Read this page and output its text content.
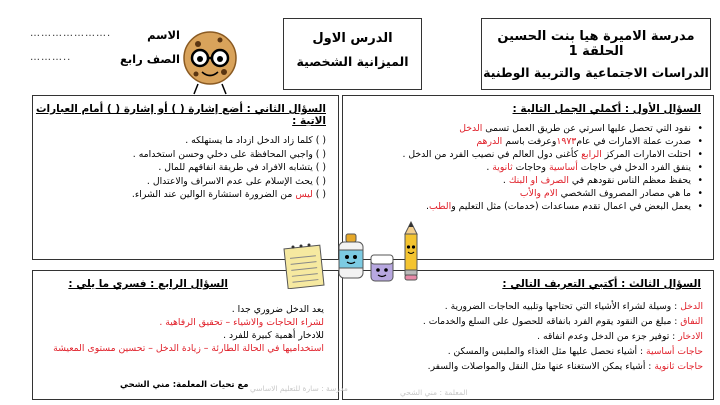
مدرسة الاميرة هيا بنت الحسين الحلقة 1
الدراسات الاجتماعية والتربية الوطنية
الدرس الاول
الميزانية الشخصية
الاسم
………………….
الصف رابع
………..
السؤال الأول : أكملي الجمل التالية :
• نقود التي تحصل عليها اسرتي عن طريق العمل تسمى الدخل
• صدرت عملة الامارات في عام١٩٧٣وعرفت باسم الدرهم
• احتلت الامارات المركز الرابع كأغنى دول العالم في نصيب الفرد من الدخل .
• ينفق الفرد الدخل في حاجات أساسية وحاجات ثانوية .
• يحفظ معظم الناس نقودهم في الصرف او البنك .
• ما هي مصادر المصروف الشخصي الام والأب
• يعمل البعض في اعمال تقدم مساعدات (خدمات) مثل التعليم والطب.
السؤال الثاني : أضع إشارة ( ) أو إشارة ( ) أمام العبارات الاتية :
( ) كلما زاد الدخل ازداد ما يستهلكه .
( ) واجبي المحافظة على دخلي وحسن استخدامه .
( ) يتشابه الافراد في طريقة انفاقهم للمال .
( ) يحث الإسلام على عدم الاسراف والاعتدال .
( ) ليس من الضرورة استشارة الوالين عند الشراء.
السؤال الثالث : أكتبي التعريف التالي :
الدخل : وسيلة لشراء الأشياء التي تحتاجها وتلبيه الحاجات الضرورية .
النفاق : مبلغ من النقود يقوم الفرد بانفاقه للحصول على السلع والخدمات .
الادخار : توفير جزء من الدخل وعدم انفاقه .
حاجات أساسية : أشياء نحصل عليها مثل الغذاء والملبس والمسكن .
حاجات ثانوية : أشياء يمكن الاستغناء عنها مثل النقل والمواصلات والسفر.
السؤال الرابع : فسري ما يلي :
يعد الدخل ضروري جدا .
لشراء الحاجات والاشياء – تحقيق الرفاهية .
للادخار أهمية كبيرة للفرد .
استخداميها في الحالة الطارئة – زيادة الدخل – تحسين مستوى المعيشة
مع تحيات المعلمة: مني الشحي
المعلمة : مني الشحي
مدرسة : سارة للتعليم الاساسي
